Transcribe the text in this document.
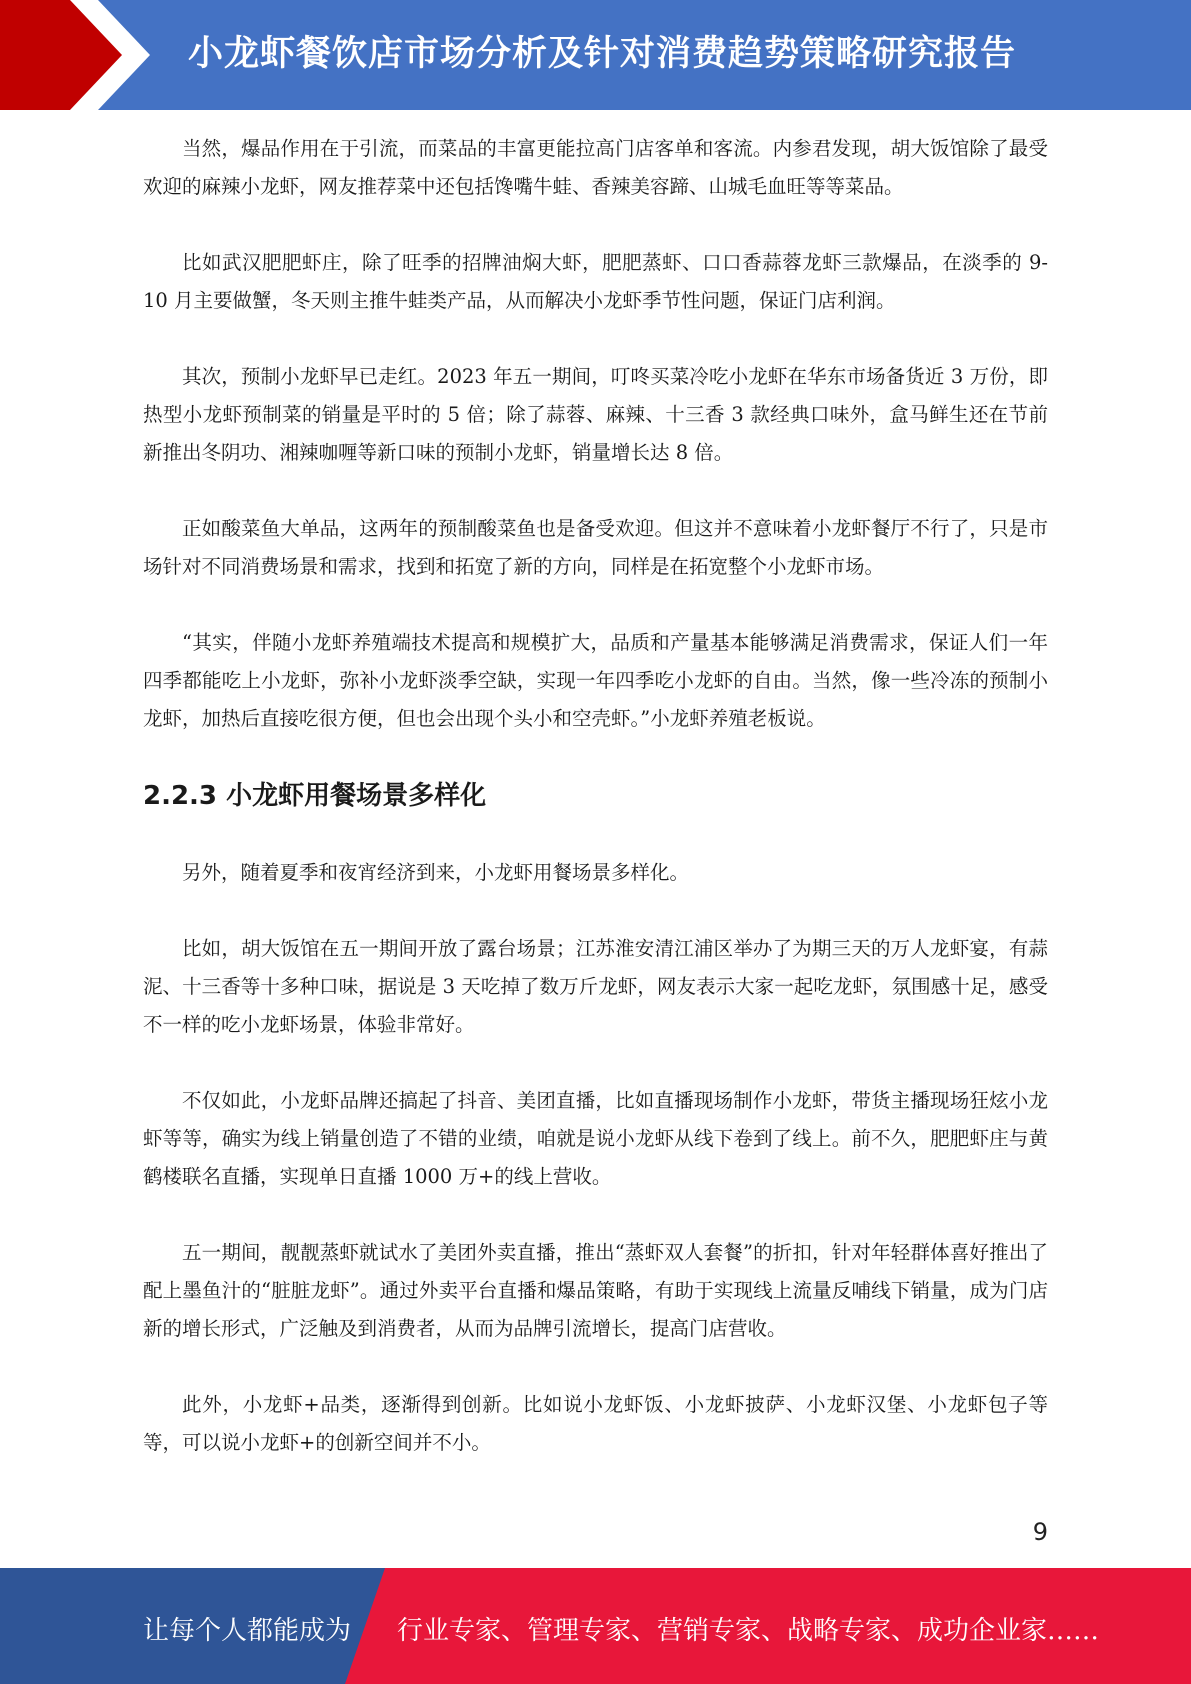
小龙虾餐饮店市场分析及针对消费趋势策略研究报告

当然，爆品作用在于引流，而菜品的丰富更能拉高门店客单和客流。内参君发现，胡大饭馆除了最受欢迎的麻辣小龙虾，网友推荐菜中还包括馋嘴牛蛙、香辣美容蹄、山城毛血旺等等菜品。

比如武汉肥肥虾庄，除了旺季的招牌油焖大虾，肥肥蒸虾、口口香蒜蓉龙虾三款爆品，在淡季的 9-10 月主要做蟹，冬天则主推牛蛙类产品，从而解决小龙虾季节性问题，保证门店利润。

其次，预制小龙虾早已走红。2023 年五一期间，叮咚买菜冷吃小龙虾在华东市场备货近 3 万份，即热型小龙虾预制菜的销量是平时的 5 倍；除了蒜蓉、麻辣、十三香 3 款经典口味外，盒马鲜生还在节前新推出冬阴功、湘辣咖喱等新口味的预制小龙虾，销量增长达 8 倍。

正如酸菜鱼大单品，这两年的预制酸菜鱼也是备受欢迎。但这并不意味着小龙虾餐厅不行了，只是市场针对不同消费场景和需求，找到和拓宽了新的方向，同样是在拓宽整个小龙虾市场。

“其实，伴随小龙虾养殖端技术提高和规模扩大，品质和产量基本能够满足消费需求，保证人们一年四季都能吃上小龙虾，弥补小龙虾淡季空缺，实现一年四季吃小龙虾的自由。当然，像一些冷冻的预制小龙虾，加热后直接吃很方便，但也会出现个头小和空壳虾。”小龙虾养殖老板说。

2.2.3 小龙虾用餐场景多样化

另外，随着夏季和夜宵经济到来，小龙虾用餐场景多样化。

比如，胡大饭馆在五一期间开放了露台场景；江苏淮安清江浦区举办了为期三天的万人龙虾宴，有蒜泥、十三香等十多种口味，据说是 3 天吃掉了数万斤龙虾，网友表示大家一起吃龙虾，氛围感十足，感受不一样的吃小龙虾场景，体验非常好。

不仅如此，小龙虾品牌还搞起了抖音、美团直播，比如直播现场制作小龙虾，带货主播现场狂炫小龙虾等等，确实为线上销量创造了不错的业绩，咱就是说小龙虾从线下卷到了线上。前不久，肥肥虾庄与黄鹤楼联名直播，实现单日直播 1000 万+的线上营收。

五一期间，靓靓蒸虾就试水了美团外卖直播，推出“蒸虾双人套餐”的折扣，针对年轻群体喜好推出了配上墨鱼汁的“脏脏龙虾”。通过外卖平台直播和爆品策略，有助于实现线上流量反哺线下销量，成为门店新的增长形式，广泛触及到消费者，从而为品牌引流增长，提高门店营收。

此外，小龙虾+品类，逐渐得到创新。比如说小龙虾饭、小龙虾披萨、小龙虾汉堡、小龙虾包子等等，可以说小龙虾+的创新空间并不小。

9
让每个人都能成为 行业专家、管理专家、营销专家、战略专家、成功企业家……
